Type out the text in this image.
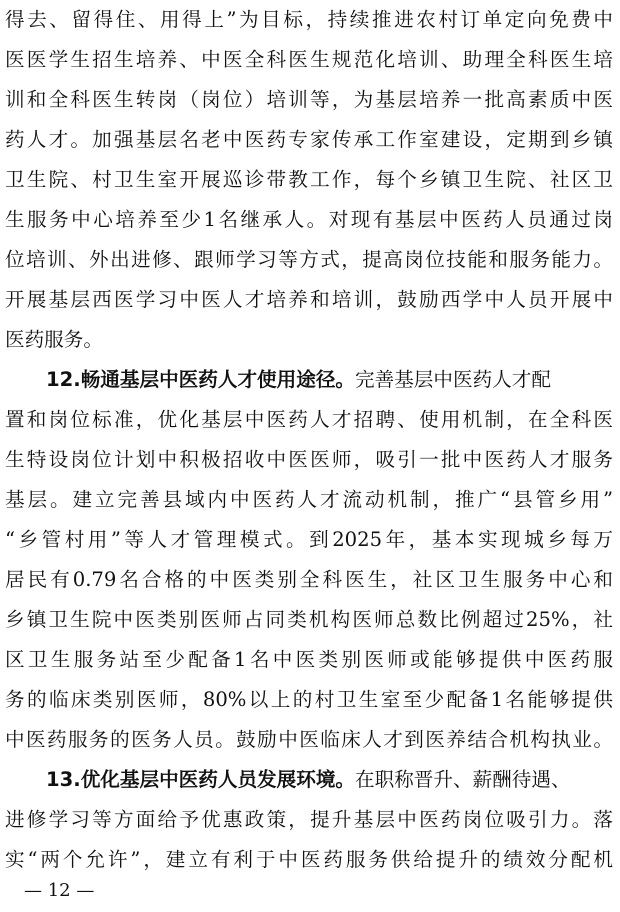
得去、留得住、用得上”为目标，持续推进农村订单定向免费中
医医学生招生培养、中医全科医生规范化培训、助理全科医生培
训和全科医生转岗（岗位）培训等，为基层培养一批高素质中医
药人才。加强基层名老中医药专家传承工作室建设，定期到乡镇
卫生院、村卫生室开展巡诊带教工作，每个乡镇卫生院、社区卫
生服务中心培养至少1名继承人。对现有基层中医药人员通过岗
位培训、外出进修、跟师学习等方式，提高岗位技能和服务能力。
开展基层西医学习中医人才培养和培训，鼓励西学中人员开展中
医药服务。
12.畅通基层中医药人才使用途径。完善基层中医药人才配
置和岗位标准，优化基层中医药人才招聘、使用机制，在全科医
生特设岗位计划中积极招收中医医师，吸引一批中医药人才服务
基层。建立完善县域内中医药人才流动机制，推广“县管乡用”
“乡管村用”等人才管理模式。到2025年，基本实现城乡每万
居民有0.79名合格的中医类别全科医生，社区卫生服务中心和
乡镇卫生院中医类别医师占同类机构医师总数比例超过25%，社
区卫生服务站至少配备1名中医类别医师或能够提供中医药服
务的临床类别医师，80%以上的村卫生室至少配备1名能够提供
中医药服务的医务人员。鼓励中医临床人才到医养结合机构执业。
13.优化基层中医药人员发展环境。在职称晋升、薪酬待遇、
进修学习等方面给予优惠政策，提升基层中医药岗位吸引力。落
实“两个允许”，建立有利于中医药服务供给提升的绩效分配机
— 12 —
